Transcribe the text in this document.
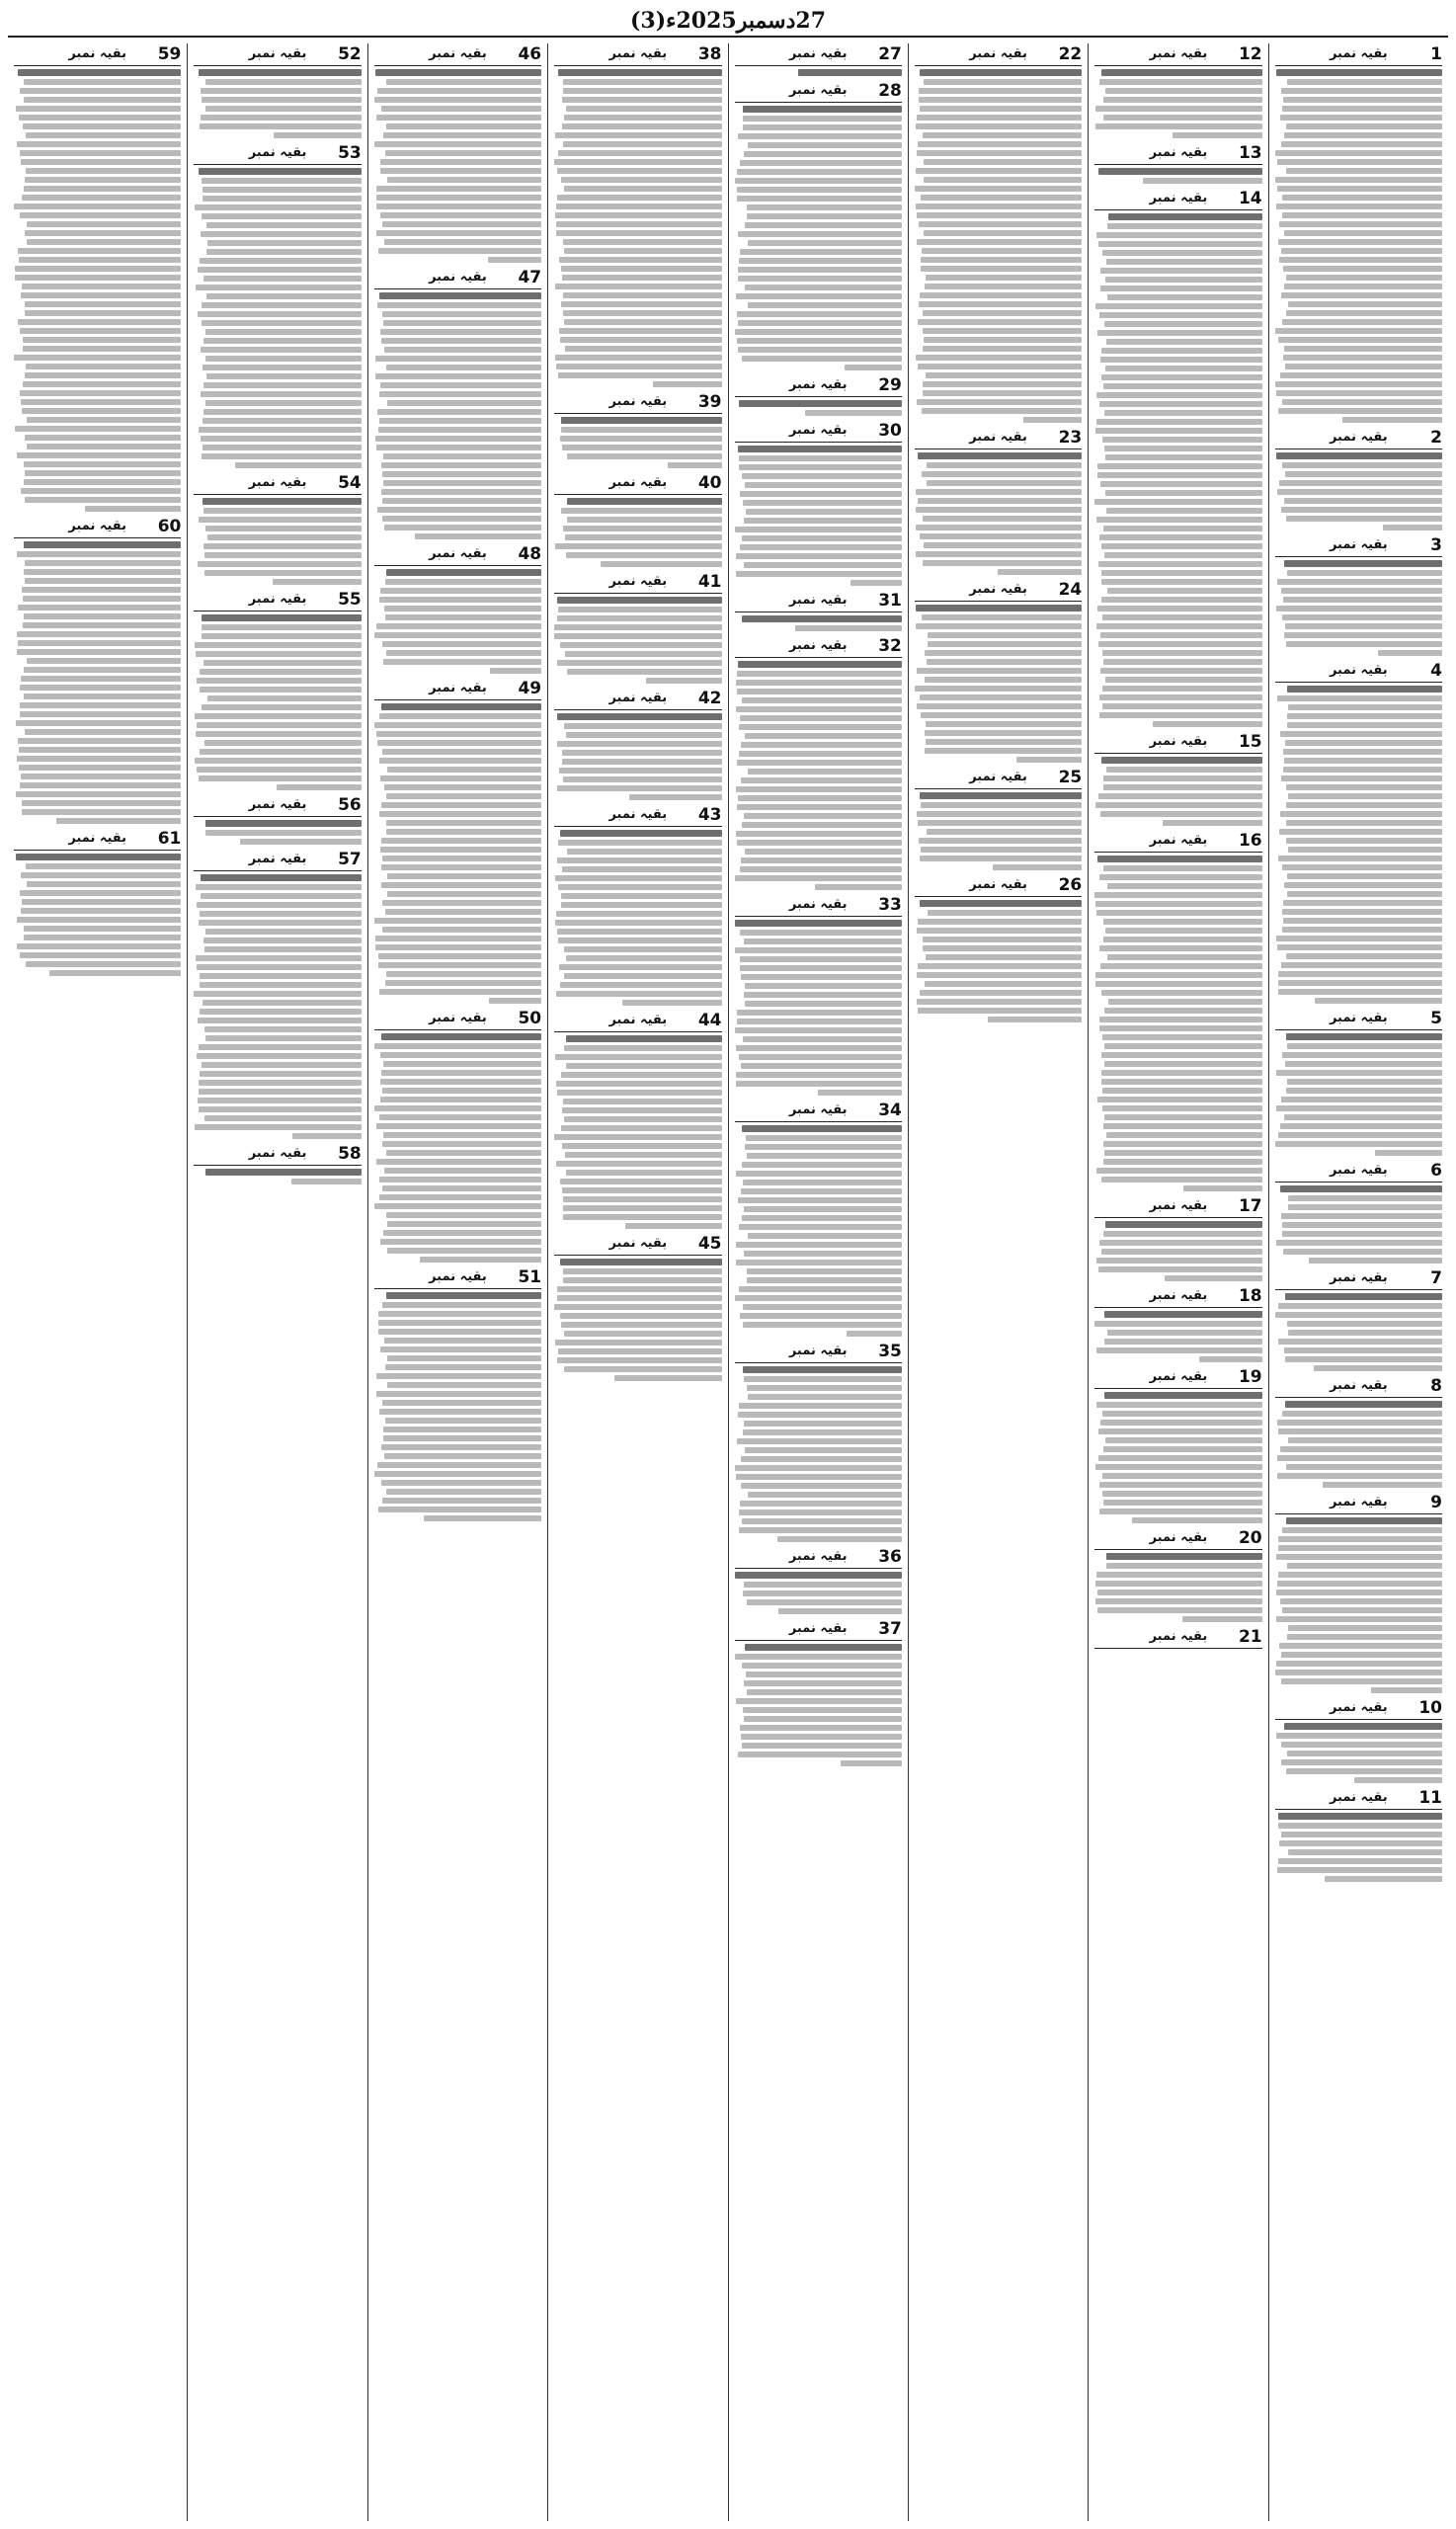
27دسمبر2025ء(3)
1
بقیہ نمبر
2
بقیہ نمبر
3
بقیہ نمبر
4
بقیہ نمبر
5
بقیہ نمبر
6
بقیہ نمبر
7
بقیہ نمبر
8
بقیہ نمبر
9
بقیہ نمبر
10
بقیہ نمبر
11
بقیہ نمبر
12
بقیہ نمبر
13
بقیہ نمبر
14
بقیہ نمبر
15
بقیہ نمبر
16
بقیہ نمبر
17
بقیہ نمبر
18
بقیہ نمبر
19
بقیہ نمبر
20
بقیہ نمبر
21
بقیہ نمبر
22
بقیہ نمبر
23
بقیہ نمبر
24
بقیہ نمبر
25
بقیہ نمبر
26
بقیہ نمبر
27
بقیہ نمبر
28
بقیہ نمبر
29
بقیہ نمبر
30
بقیہ نمبر
31
بقیہ نمبر
32
بقیہ نمبر
33
بقیہ نمبر
34
بقیہ نمبر
35
بقیہ نمبر
36
بقیہ نمبر
37
بقیہ نمبر
38
بقیہ نمبر
39
بقیہ نمبر
40
بقیہ نمبر
41
بقیہ نمبر
42
بقیہ نمبر
43
بقیہ نمبر
44
بقیہ نمبر
45
بقیہ نمبر
46
بقیہ نمبر
47
بقیہ نمبر
48
بقیہ نمبر
49
بقیہ نمبر
50
بقیہ نمبر
51
بقیہ نمبر
52
بقیہ نمبر
53
بقیہ نمبر
54
بقیہ نمبر
55
بقیہ نمبر
56
بقیہ نمبر
57
بقیہ نمبر
58
بقیہ نمبر
59
بقیہ نمبر
60
بقیہ نمبر
61
بقیہ نمبر
